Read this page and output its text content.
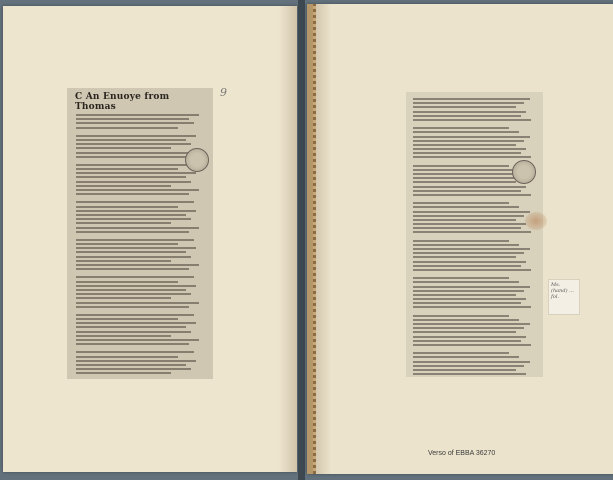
9
C An Enuoye from Thomas
Ms. (hand) ... fol.
Verso of EBBA 36270
